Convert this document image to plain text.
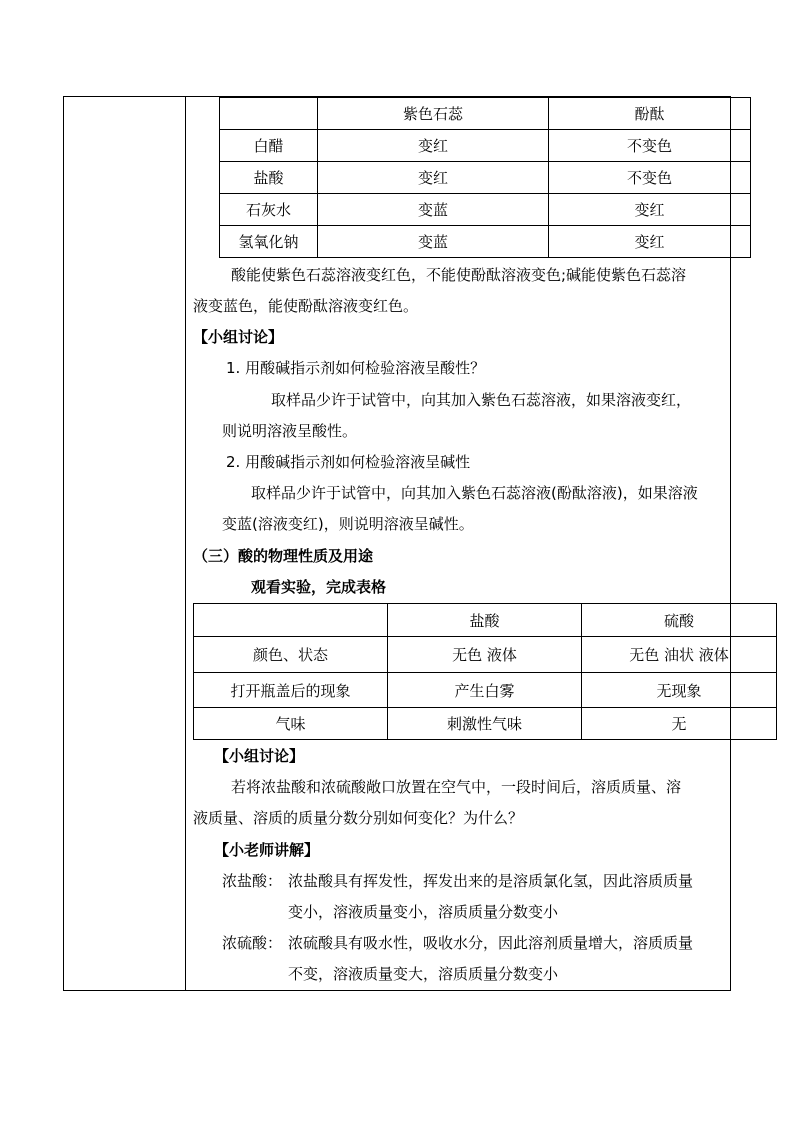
	紫色石蕊	酚酞
白醋	变红	不变色
盐酸	变红	不变色
石灰水	变蓝	变红
氢氧化钠	变蓝	变红
酸能使紫色石蕊溶液变红色，不能使酚酞溶液变色;碱能使紫色石蕊溶
液变蓝色，能使酚酞溶液变红色。
【小组讨论】
1. 用酸碱指示剂如何检验溶液呈酸性？
取样品少许于试管中，向其加入紫色石蕊溶液，如果溶液变红，
则说明溶液呈酸性。
2. 用酸碱指示剂如何检验溶液呈碱性
取样品少许于试管中，向其加入紫色石蕊溶液(酚酞溶液)，如果溶液
变蓝(溶液变红)，则说明溶液呈碱性。
（三）酸的物理性质及用途
观看实验，完成表格
	盐酸	硫酸
颜色、状态	无色 液体	无色 油状 液体
打开瓶盖后的现象	产生白雾	无现象
气味	刺激性气味	无
【小组讨论】
若将浓盐酸和浓硫酸敞口放置在空气中，一段时间后，溶质质量、溶
液质量、溶质的质量分数分别如何变化？为什么？
【小老师讲解】
浓盐酸： 浓盐酸具有挥发性，挥发出来的是溶质氯化氢，因此溶质质量
变小，溶液质量变小，溶质质量分数变小
浓硫酸： 浓硫酸具有吸水性，吸收水分，因此溶剂质量增大，溶质质量
不变，溶液质量变大，溶质质量分数变小
